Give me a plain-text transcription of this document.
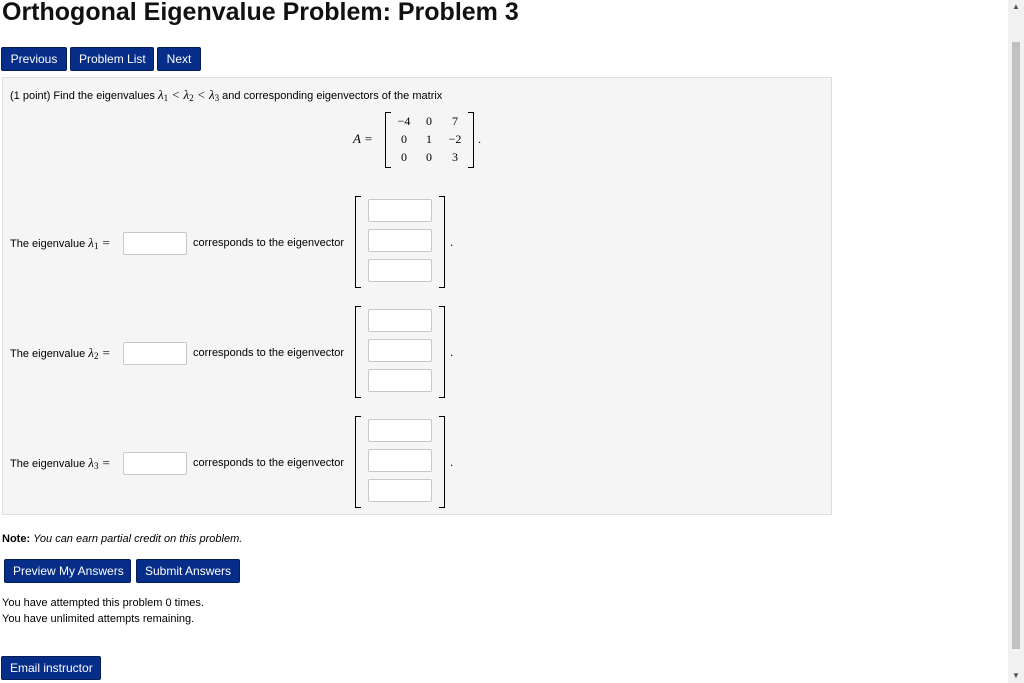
Orthogonal Eigenvalue Problem: Problem 3
Previous	Problem List	Next
(1 point) Find the eigenvalues $\lambda_1 < \lambda_2 < \lambda_3$ and corresponding eigenvectors of the matrix
A =
−4	0	7
0	1	−2
0	0	3
.
The eigenvalue $\lambda_1$ =	corresponds to the eigenvector	.
The eigenvalue $\lambda_2$ =	corresponds to the eigenvector	.
The eigenvalue $\lambda_3$ =	corresponds to the eigenvector	.
Note: You can earn partial credit on this problem.
Preview My Answers	Submit Answers
You have attempted this problem 0 times.
You have unlimited attempts remaining.
Email instructor
▲
▼
